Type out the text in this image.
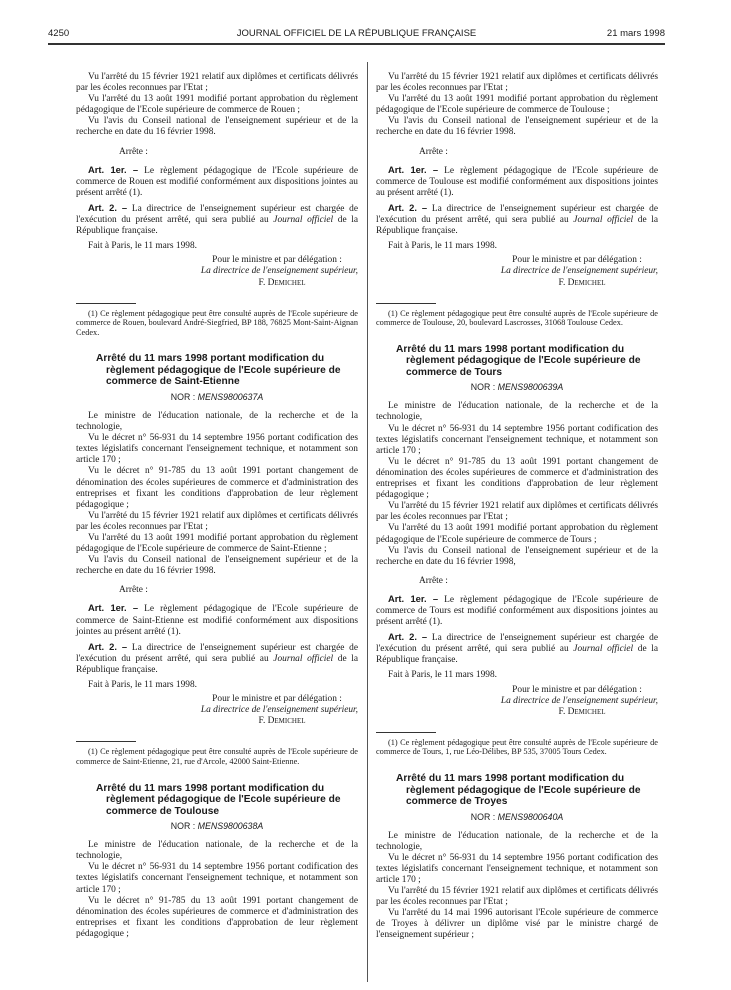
4250	JOURNAL OFFICIEL DE LA RÉPUBLIQUE FRANÇAISE	21 mars 1998

Vu l'arrêté du 15 février 1921 relatif aux diplômes et certificats délivrés par les écoles reconnues par l'Etat ;

Vu l'arrêté du 13 août 1991 modifié portant approbation du règlement pédagogique de l'Ecole supérieure de commerce de Rouen ;

Vu l'avis du Conseil national de l'enseignement supérieur et de la recherche en date du 16 février 1998.

Arrête :

Art. 1er. – Le règlement pédagogique de l'Ecole supérieure de commerce de Rouen est modifié conformément aux dispositions jointes au présent arrêté (1).

Art. 2. – La directrice de l'enseignement supérieur est chargée de l'exécution du présent arrêté, qui sera publié au Journal officiel de la République française.

Fait à Paris, le 11 mars 1998.

Pour le ministre et par délégation :

La directrice de l'enseignement supérieur,

F. Demichel

(1) Ce règlement pédagogique peut être consulté auprès de l'Ecole supérieure de commerce de Rouen, boulevard André-Siegfried, BP 188, 76825 Mont-Saint-Aignan Cedex.

Arrêté du 11 mars 1998 portant modification du
règlement pédagogique de l'Ecole supérieure de
commerce de Saint-Etienne

NOR : MENS9800637A

Le ministre de l'éducation nationale, de la recherche et de la technologie,

Vu le décret n° 56-931 du 14 septembre 1956 portant codification des textes législatifs concernant l'enseignement technique, et notamment son article 170 ;

Vu le décret n° 91-785 du 13 août 1991 portant changement de dénomination des écoles supérieures de commerce et d'administration des entreprises et fixant les conditions d'approbation de leur règlement pédagogique ;

Vu l'arrêté du 15 février 1921 relatif aux diplômes et certificats délivrés par les écoles reconnues par l'Etat ;

Vu l'arrêté du 13 août 1991 modifié portant approbation du règlement pédagogique de l'Ecole supérieure de commerce de Saint-Etienne ;

Vu l'avis du Conseil national de l'enseignement supérieur et de la recherche en date du 16 février 1998.

Arrête :

Art. 1er. – Le règlement pédagogique de l'Ecole supérieure de commerce de Saint-Etienne est modifié conformément aux dispositions jointes au présent arrêté (1).

Art. 2. – La directrice de l'enseignement supérieur est chargée de l'exécution du présent arrêté, qui sera publié au Journal officiel de la République française.

Fait à Paris, le 11 mars 1998.

Pour le ministre et par délégation :

La directrice de l'enseignement supérieur,

F. Demichel

(1) Ce règlement pédagogique peut être consulté auprès de l'Ecole supérieure de commerce de Saint-Etienne, 21, rue d'Arcole, 42000 Saint-Etienne.

Arrêté du 11 mars 1998 portant modification du
règlement pédagogique de l'Ecole supérieure de
commerce de Toulouse

NOR : MENS9800638A

Le ministre de l'éducation nationale, de la recherche et de la technologie,

Vu le décret n° 56-931 du 14 septembre 1956 portant codification des textes législatifs concernant l'enseignement technique, et notamment son article 170 ;

Vu le décret n° 91-785 du 13 août 1991 portant changement de dénomination des écoles supérieures de commerce et d'administration des entreprises et fixant les conditions d'approbation de leur règlement pédagogique ;

Vu l'arrêté du 15 février 1921 relatif aux diplômes et certificats délivrés par les écoles reconnues par l'Etat ;

Vu l'arrêté du 13 août 1991 modifié portant approbation du règlement pédagogique de l'Ecole supérieure de commerce de Toulouse ;

Vu l'avis du Conseil national de l'enseignement supérieur et de la recherche en date du 16 février 1998.

Arrête :

Art. 1er. – Le règlement pédagogique de l'Ecole supérieure de commerce de Toulouse est modifié conformément aux dispositions jointes au présent arrêté (1).

Art. 2. – La directrice de l'enseignement supérieur est chargée de l'exécution du présent arrêté, qui sera publié au Journal officiel de la République française.

Fait à Paris, le 11 mars 1998.

Pour le ministre et par délégation :

La directrice de l'enseignement supérieur,

F. Demichel

(1) Ce règlement pédagogique peut être consulté auprès de l'Ecole supérieure de commerce de Toulouse, 20, boulevard Lascrosses, 31068 Toulouse Cedex.

Arrêté du 11 mars 1998 portant modification du
règlement pédagogique de l'Ecole supérieure de
commerce de Tours

NOR : MENS9800639A

Le ministre de l'éducation nationale, de la recherche et de la technologie,

Vu le décret n° 56-931 du 14 septembre 1956 portant codification des textes législatifs concernant l'enseignement technique, et notamment son article 170 ;

Vu le décret n° 91-785 du 13 août 1991 portant changement de dénomination des écoles supérieures de commerce et d'administration des entreprises et fixant les conditions d'approbation de leur règlement pédagogique ;

Vu l'arrêté du 15 février 1921 relatif aux diplômes et certificats délivrés par les écoles reconnues par l'Etat ;

Vu l'arrêté du 13 août 1991 modifié portant approbation du règlement pédagogique de l'Ecole supérieure de commerce de Tours ;

Vu l'avis du Conseil national de l'enseignement supérieur et de la recherche en date du 16 février 1998,

Arrête :

Art. 1er. – Le règlement pédagogique de l'Ecole supérieure de commerce de Tours est modifié conformément aux dispositions jointes au présent arrêté (1).

Art. 2. – La directrice de l'enseignement supérieur est chargée de l'exécution du présent arrêté, qui sera publié au Journal officiel de la République française.

Fait à Paris, le 11 mars 1998.

Pour le ministre et par délégation :

La directrice de l'enseignement supérieur,

F. Demichel

(1) Ce règlement pédagogique peut être consulté auprès de l'Ecole supérieure de commerce de Tours, 1, rue Léo-Délibes, BP 535, 37005 Tours Cedex.

Arrêté du 11 mars 1998 portant modification du
règlement pédagogique de l'Ecole supérieure de
commerce de Troyes

NOR : MENS9800640A

Le ministre de l'éducation nationale, de la recherche et de la technologie,

Vu le décret n° 56-931 du 14 septembre 1956 portant codification des textes législatifs concernant l'enseignement technique, et notamment son article 170 ;

Vu l'arrêté du 15 février 1921 relatif aux diplômes et certificats délivrés par les écoles reconnues par l'Etat ;

Vu l'arrêté du 14 mai 1996 autorisant l'Ecole supérieure de commerce de Troyes à délivrer un diplôme visé par le ministre chargé de l'enseignement supérieur ;
